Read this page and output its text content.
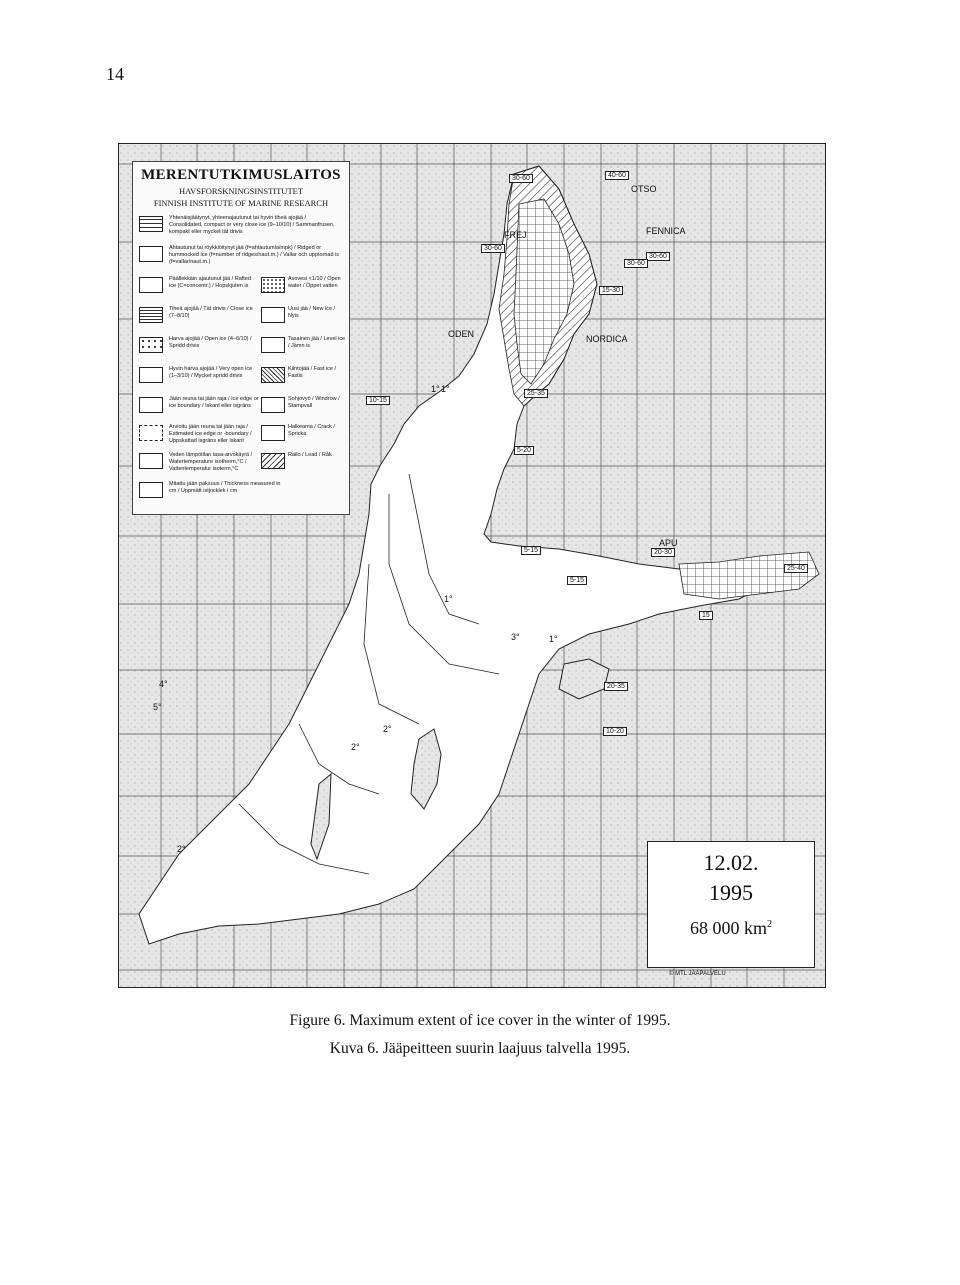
14
MERENTUTKIMUSLAITOS
HAVSFORSKNINGSINSTITUTET
FINNISH INSTITUTE OF MARINE RESEARCH
Yhtenäisjäätynyt, yhteenajautunut tai hyvin tiheä ajojää / Consolidated, compact or very close ice (9–10/10) / Sammanfrusen, kompakt eller mycket tät drivis
Ahtautunut tai röykkiöitynyt jää (f=ahtautumia/mpk) / Ridged or hummocked ice (f=number of ridges/naut.m.) / Vallar och upptornad is (f=vallar/naut.m.)
Päällekkäin ajautunut jää / Rafted ice (C=concentr.) / Hopskjuten is
Avovesi <1/10 / Open water / Öppet vatten
Tiheä ajojää / Tät drivis / Close ice (7–8/10)
Uusi jää / New ice / Nyis
Harva ajojää / Open ice (4–6/10) / Spridd drivis
Tasainen jää / Level ice / Jämn is
Hyvin harva ajojää / Very open ice (1–3/10) / Mycket spridd drivis
Kiintojää / Fast ice / Fastis
Jään reuna tai jään raja / Ice edge or ice boundary / Iskant eller isgräns
Sohjovyö / Windrow / Stampvall
Arvioitu jään reuna tai jään raja / Estimated ice edge or -boundary / Uppskattad isgräns eller iskant
Halkeama / Crack / Spricka
Veden lämpötilan tasa-arvokäyrä / Watertemperature isotherm,°C / Vattentemperatur isoterm,°C
Railo / Lead / Råk
Mitattu jään paksuus / Thickness measured in cm / Uppmätt istjocklek i cm
FREJ
OTSO
FENNICA
ODEN	NORDICA
APU
30-60	40-60
30-60
30-60
15-30
10-15
25-35
5-20
5-15	20-30
5-15
25-40
15
20-35
10-20
30-60
1°
1°
2°
3°
4°
5°
2°
2°
1°
1°
12.02.
1995
68 000 $km^2$
© MTL JÄÄPALVELU
Figure 6. Maximum extent of ice cover in the winter of 1995.
Kuva 6. Jääpeitteen suurin laajuus talvella 1995.
